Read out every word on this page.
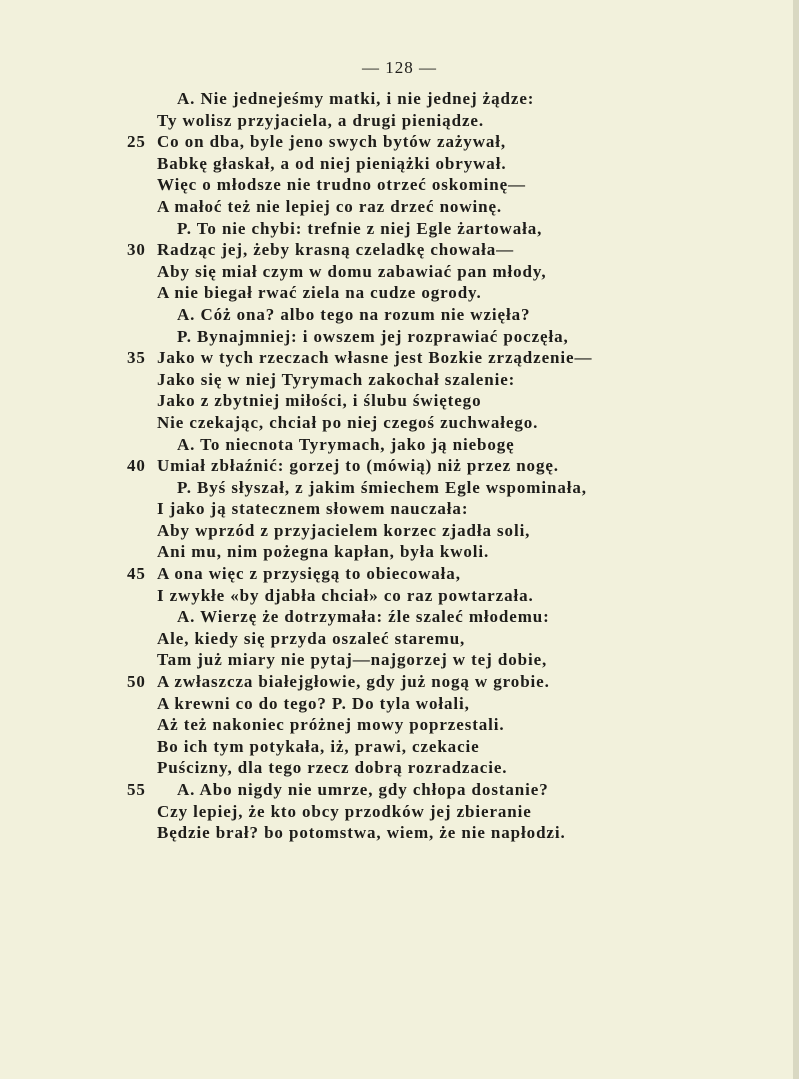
— 128 —
A. Nie jednejeśmy matki, i nie jednej żądze:
Ty wolisz przyjaciela, a drugi pieniądze.
25 Co on dba, byle jeno swych bytów zażywał,
Babkę głaskał, a od niej pieniążki obrywał.
Więc o młodsze nie trudno otrzeć oskominę—
A małoć też nie lepiej co raz drzeć nowinę.
P. To nie chybi: trefnie z niej Egle żartowała,
30 Radząc jej, żeby krasną czeladkę chowała—
Aby się miał czym w domu zabawiać pan młody,
A nie biegał rwać ziela na cudze ogrody.
A. Cóż ona? albo tego na rozum nie wzięła?
P. Bynajmniej: i owszem jej rozprawiać poczęła,
35 Jako w tych rzeczach własne jest Bozkie zrządzenie—
Jako się w niej Tyrymach zakochał szalenie:
Jako z zbytniej miłości, i ślubu świętego
Nie czekając, chciał po niej czegoś zuchwałego.
A. To niecnota Tyrymach, jako ją niebogę
40 Umiał zbłaźnić: gorzej to (mówią) niż przez nogę.
P. Byś słyszał, z jakim śmiechem Egle wspominała,
I jako ją statecznem słowem nauczała:
Aby wprzód z przyjacielem korzec zjadła soli,
Ani mu, nim pożegna kapłan, była kwoli.
45 A ona więc z przysięgą to obiecowała,
I zwykłe «by djabła chciał» co raz powtarzała.
A. Wierzę że dotrzymała: źle szaleć młodemu:
Ale, kiedy się przyda oszaleć staremu,
Tam już miary nie pytaj—najgorzej w tej dobie,
50 A zwłaszcza białejgłowie, gdy już nogą w grobie.
A krewni co do tego? P. Do tyla wołali,
Aż też nakoniec próżnej mowy poprzestali.
Bo ich tym potykała, iż, prawi, czekacie
Puścizny, dla tego rzecz dobrą rozradzacie.
55	A. Abo nigdy nie umrze, gdy chłopa dostanie?
Czy lepiej, że kto obcy przodków jej zbieranie
Będzie brał? bo potomstwa, wiem, że nie napłodzi.
